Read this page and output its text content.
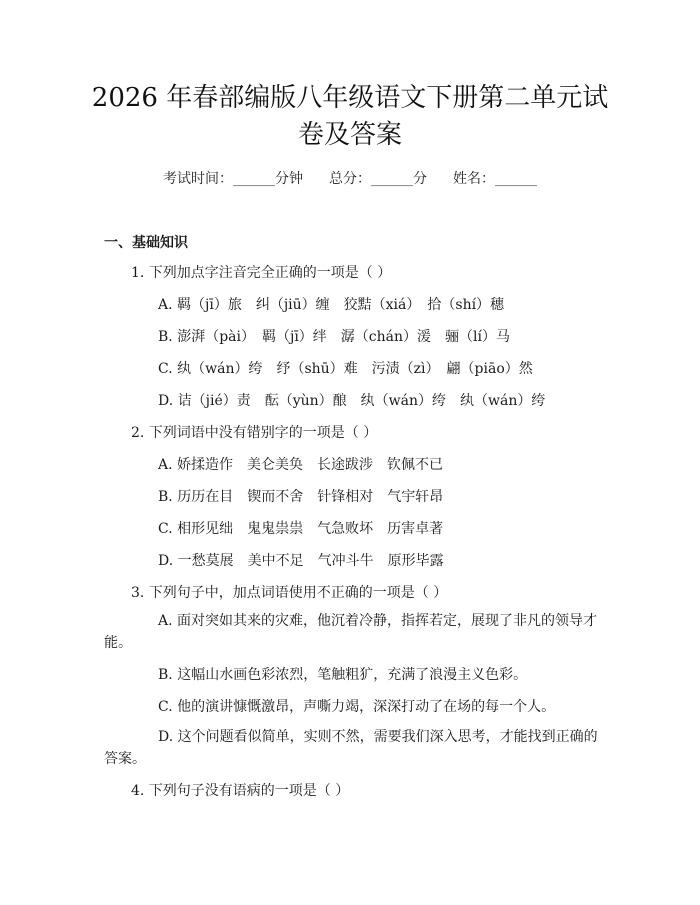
2026 年春部编版八年级语文下册第二单元试
卷及答案
考试时间：______分钟 总分：______分 姓名：______
一、基础知识
1. 下列加点字注音完全正确的一项是（ ）
A. 羁（jī）旅　纠（jiū）缠　狡黠（xiá）　拾（shí）穗
B. 澎湃（pài）　羁（jī）绊　潺（chán）湲　骊（lí）马
C. 纨（wán）绔　纾（shū）难　污渍（zì）　翩（piāo）然
D. 诘（jié）责　酝（yùn）酿　纨（wán）绔　纨（wán）绔
2. 下列词语中没有错别字的一项是（ ）
A. 娇揉造作　美仑美奂　长途跋涉　钦佩不已
B. 历历在目　锲而不舍　针锋相对　气宇轩昂
C. 相形见绌　鬼鬼祟祟　气急败坏　历害卓著
D. 一愁莫展　美中不足　气冲斗牛　原形毕露
3. 下列句子中，加点词语使用不正确的一项是（ ）
A. 面对突如其来的灾难，他沉着冷静，指挥若定，展现了非凡的领导才能。
B. 这幅山水画色彩浓烈，笔触粗犷，充满了浪漫主义色彩。
C. 他的演讲慷慨激昂，声嘶力竭，深深打动了在场的每一个人。
D. 这个问题看似简单，实则不然，需要我们深入思考，才能找到正确的答案。
4. 下列句子没有语病的一项是（ ）
